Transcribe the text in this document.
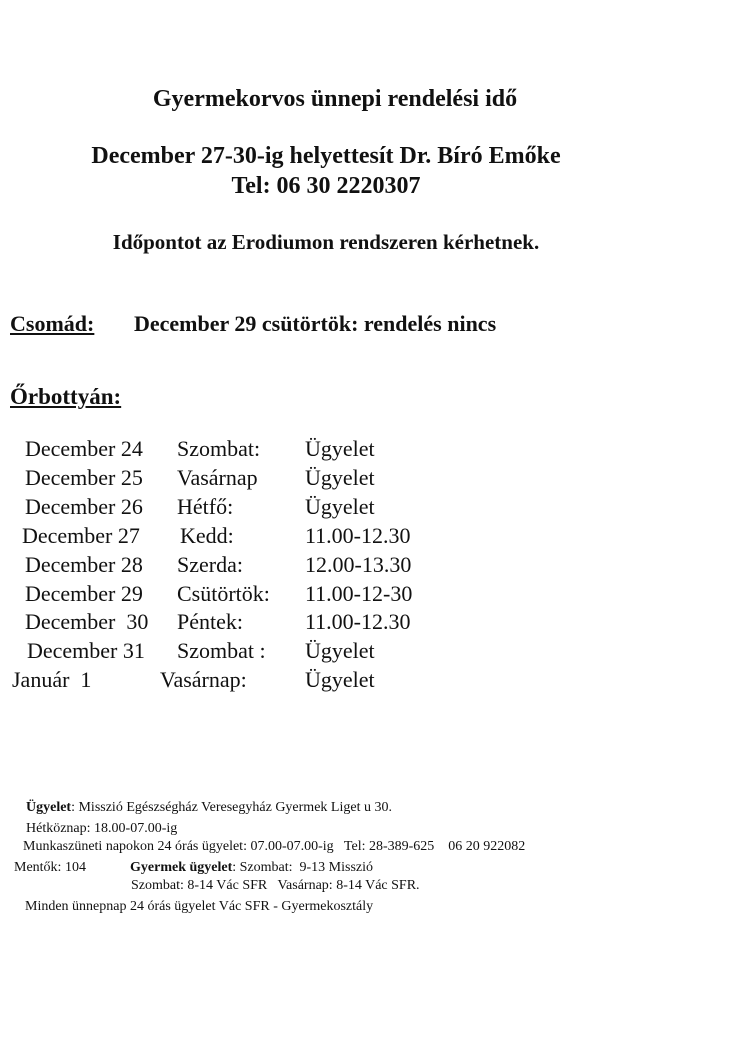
Gyermekorvos ünnepi rendelési idő
December 27-30-ig helyettesít Dr. Bíró Emőke
Tel: 06 30 2220307
Időpontot az Erodiumon rendszeren kérhetnek.
Csomád: December 29 csütörtök: rendelés nincs
Őrbottyán:
December 24 Szombat: Ügyelet
December 25 Vasárnap Ügyelet
December 26 Hétfő:	Ügyelet
December 27 Kedd:	11.00-12.30
December 28 Szerda:	12.00-13.30
December 29 Csütörtök: 11.00-12-30
December  30 Péntek:	11.00-12.30
December 31 Szombat : Ügyelet
Január  1	Vasárnap:	Ügyelet
Ügyelet: Misszió Egészségház Veresegyház Gyermek Liget u 30.
Hétköznap: 18.00-07.00-ig
Munkaszüneti napokon 24 órás ügyelet: 07.00-07.00-ig   Tel: 28-389-625    06 20 922082
Mentők: 104	Gyermek ügyelet: Szombat:  9-13 Misszió
Szombat: 8-14 Vác SFR   Vasárnap: 8-14 Vác SFR.
Minden ünnepnap 24 órás ügyelet Vác SFR - Gyermekosztály
